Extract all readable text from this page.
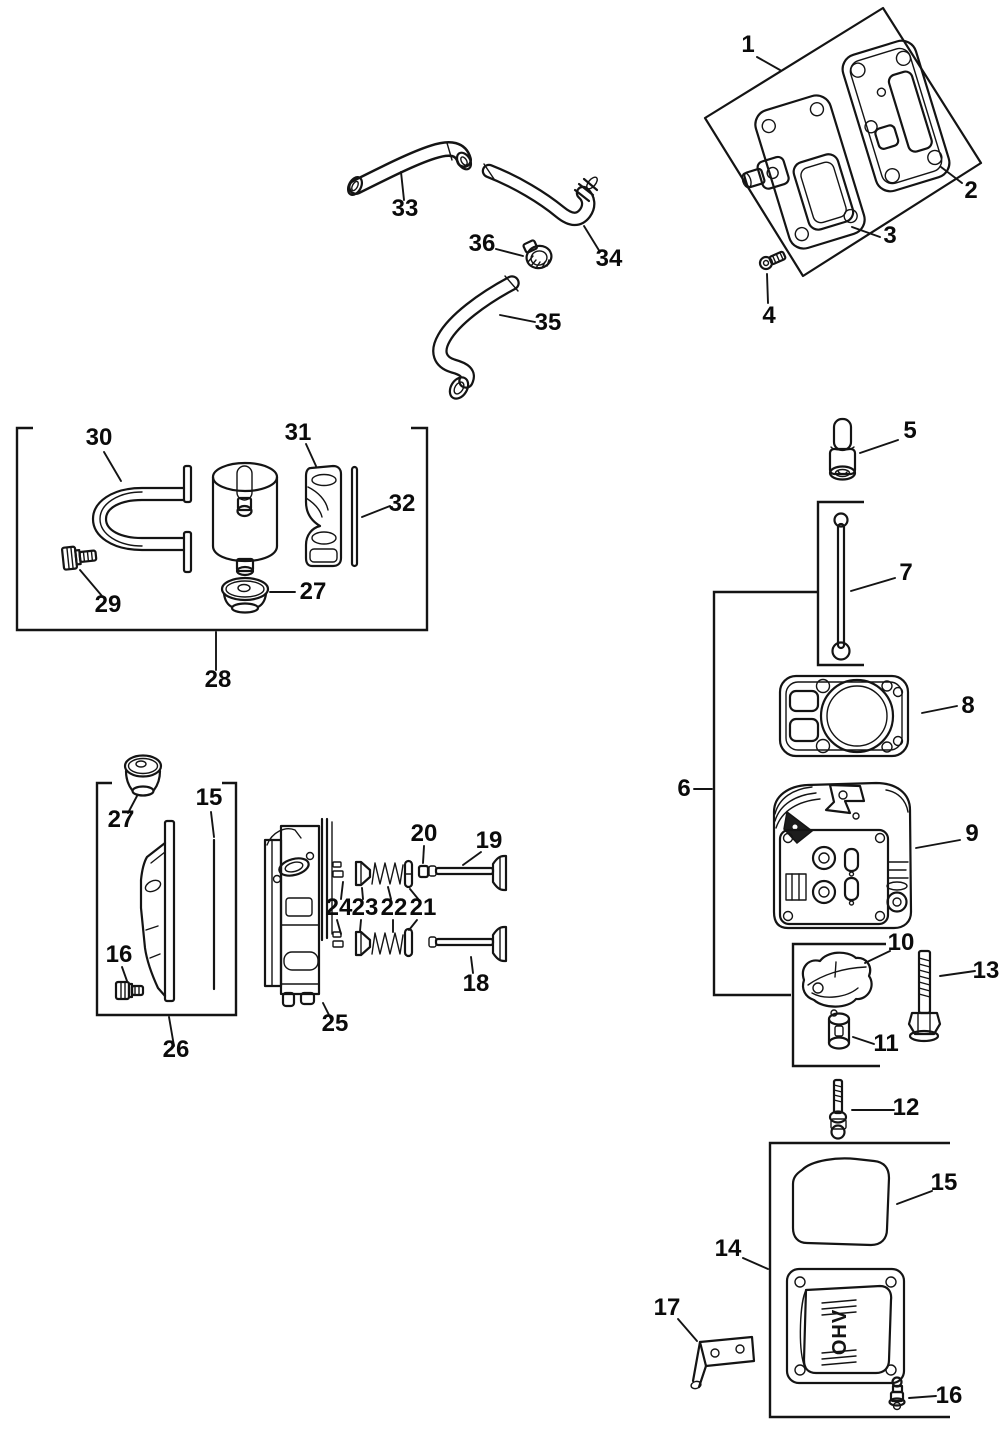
1
2
3
4
33
34
36
35
28
30
29	27
31
32
5
7
6
8
9
10
11
13
12
14
15
OHV
16
17
26
27
15
16
25
24 23 22 21
20 19
18
